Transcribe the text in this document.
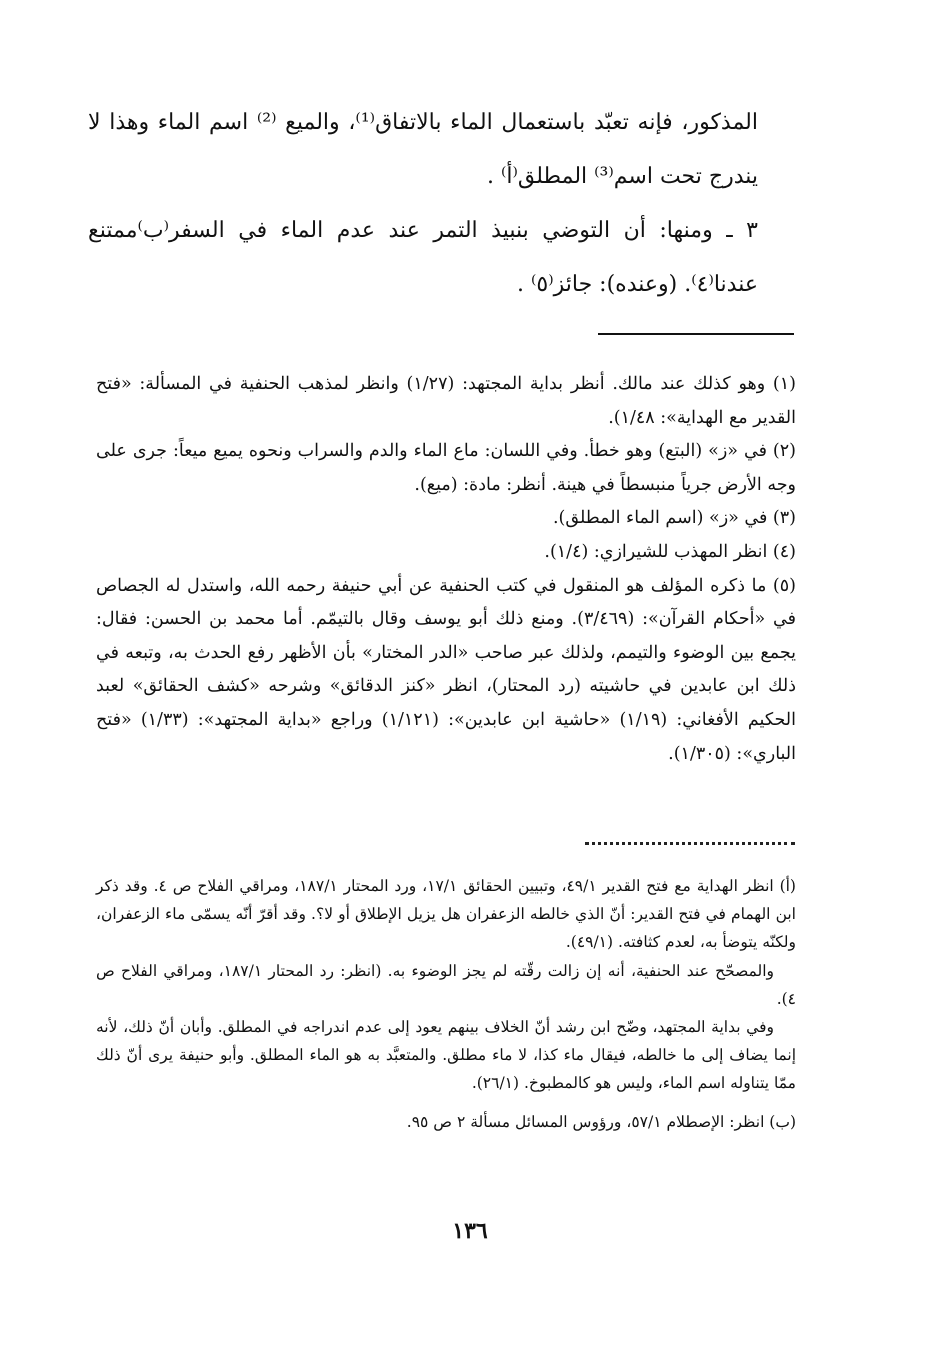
المذكور، فإنه تعبّد باستعمال الماء بالاتفاق⁽¹⁾، والميع ⁽²⁾ اسم الماء وهذا لا يندرج تحت اسم⁽³⁾ المطلق⁽أ⁾ .

٣ ـ ومنها: أن التوضي بنبيذ التمر عند عدم الماء في السفر⁽ب⁾ممتنع عندنا⁽٤⁾. (وعنده): جائز⁽٥⁾ .

(١) وهو كذلك عند مالك. أنظر بداية المجتهد: (١/٢٧) وانظر لمذهب الحنفية في المسألة: «فتح القدير مع الهداية»: ١/٤٨).

(٢) في «ز» (البتع) وهو خطأ. وفي اللسان: ماع الماء والدم والسراب ونحوه يميع ميعاً: جرى على وجه الأرض جرياً منبسطاً في هينة. أنظر: مادة: (ميع).

(٣) في «ز» (اسم الماء المطلق).

(٤) انظر المهذب للشيرازي: (١/٤).

(٥) ما ذكره المؤلف هو المنقول في كتب الحنفية عن أبي حنيفة رحمه الله، واستدل له الجصاص في «أحكام القرآن»: (٣/٤٦٩). ومنع ذلك أبو يوسف وقال بالتيمّم. أما محمد بن الحسن: فقال: يجمع بين الوضوء والتيمم، ولذلك عبر صاحب «الدر المختار» بأن الأظهر رفع الحدث به، وتبعه في ذلك ابن عابدين في حاشيته (رد المحتار)، انظر «كنز الدقائق» وشرحه «كشف الحقائق» لعبد الحكيم الأفغاني: (١/١٩) «حاشية ابن عابدين»: (١/١٢١) وراجع «بداية المجتهد»: (١/٣٣) «فتح الباري»: (١/٣٠٥).

(أ) انظر الهداية مع فتح القدير ٤٩/١، وتبيين الحقائق ١٧/١، ورد المحتار ١٨٧/١، ومراقي الفلاح ص ٤. وقد ذكر ابن الهمام في فتح القدير: أنّ الذي خالطه الزعفران هل يزيل الإطلاق أو لا؟. وقد أقرّ أنّه يسمّى ماء الزعفران، ولكنّه يتوضأ به، لعدم كثافته. (٤٩/١).

والمصحّح عند الحنفية، أنه إن زالت رقّته لم يجز الوضوء به. (انظر: رد المحتار ١٨٧/١، ومراقي الفلاح ص ٤).

وفي بداية المجتهد، وضّح ابن رشد أنّ الخلاف بينهم يعود إلى عدم اندراجه في المطلق. وأبان أنّ ذلك، لأنه إنما يضاف إلى ما خالطه، فيقال ماء كذا، لا ماء مطلق. والمتعبَّد به هو الماء المطلق. وأبو حنيفة يرى أنّ ذلك ممّا يتناوله اسم الماء، وليس هو كالمطبوخ. (٢٦/١).

(ب) انظر: الإصطلام ٥٧/١، ورؤوس المسائل مسألة ٢ ص ٩٥.

١٣٦
